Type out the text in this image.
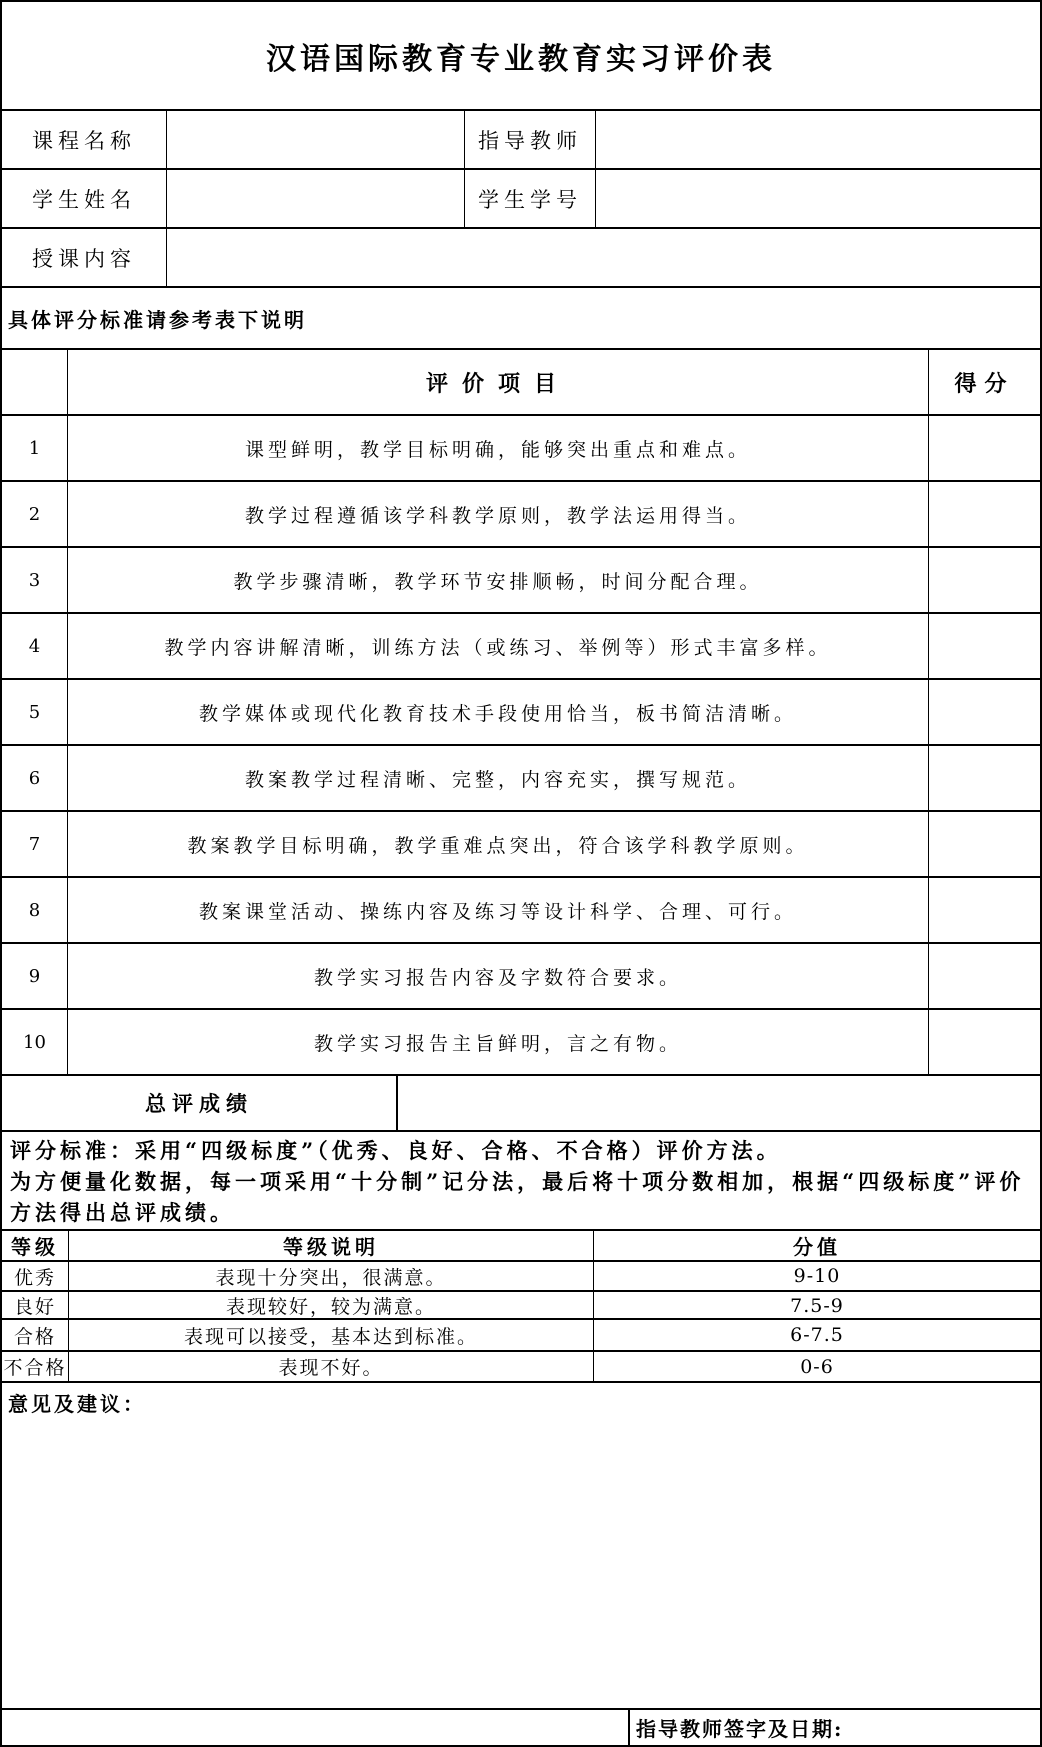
汉语国际教育专业教育实习评价表
课程名称	指导教师
学生姓名	学生学号
授课内容
具体评分标准请参考表下说明
评价项目	得分
1	课型鲜明，教学目标明确，能够突出重点和难点。
2	教学过程遵循该学科教学原则，教学法运用得当。
3	教学步骤清晰，教学环节安排顺畅，时间分配合理。
4	教学内容讲解清晰，训练方法（或练习、举例等）形式丰富多样。
5	教学媒体或现代化教育技术手段使用恰当，板书简洁清晰。
6	教案教学过程清晰、完整，内容充实，撰写规范。
7	教案教学目标明确，教学重难点突出，符合该学科教学原则。
8	教案课堂活动、操练内容及练习等设计科学、合理、可行。
9	教学实习报告内容及字数符合要求。
10	教学实习报告主旨鲜明，言之有物。
总评成绩
评分标准：采用“四级标度”（优秀、良好、合格、不合格）评价方法。
为方便量化数据，每一项采用“十分制”记分法，最后将十项分数相加，根据“四级标度”评价方法得出总评成绩。
等级	等级说明	分值
优秀	表现十分突出，很满意。	9-10
良好	表现较好，较为满意。	7.5-9
合格	表现可以接受，基本达到标准。	6-7.5
不合格	表现不好。	0-6
意见及建议：
指导教师签字及日期:
